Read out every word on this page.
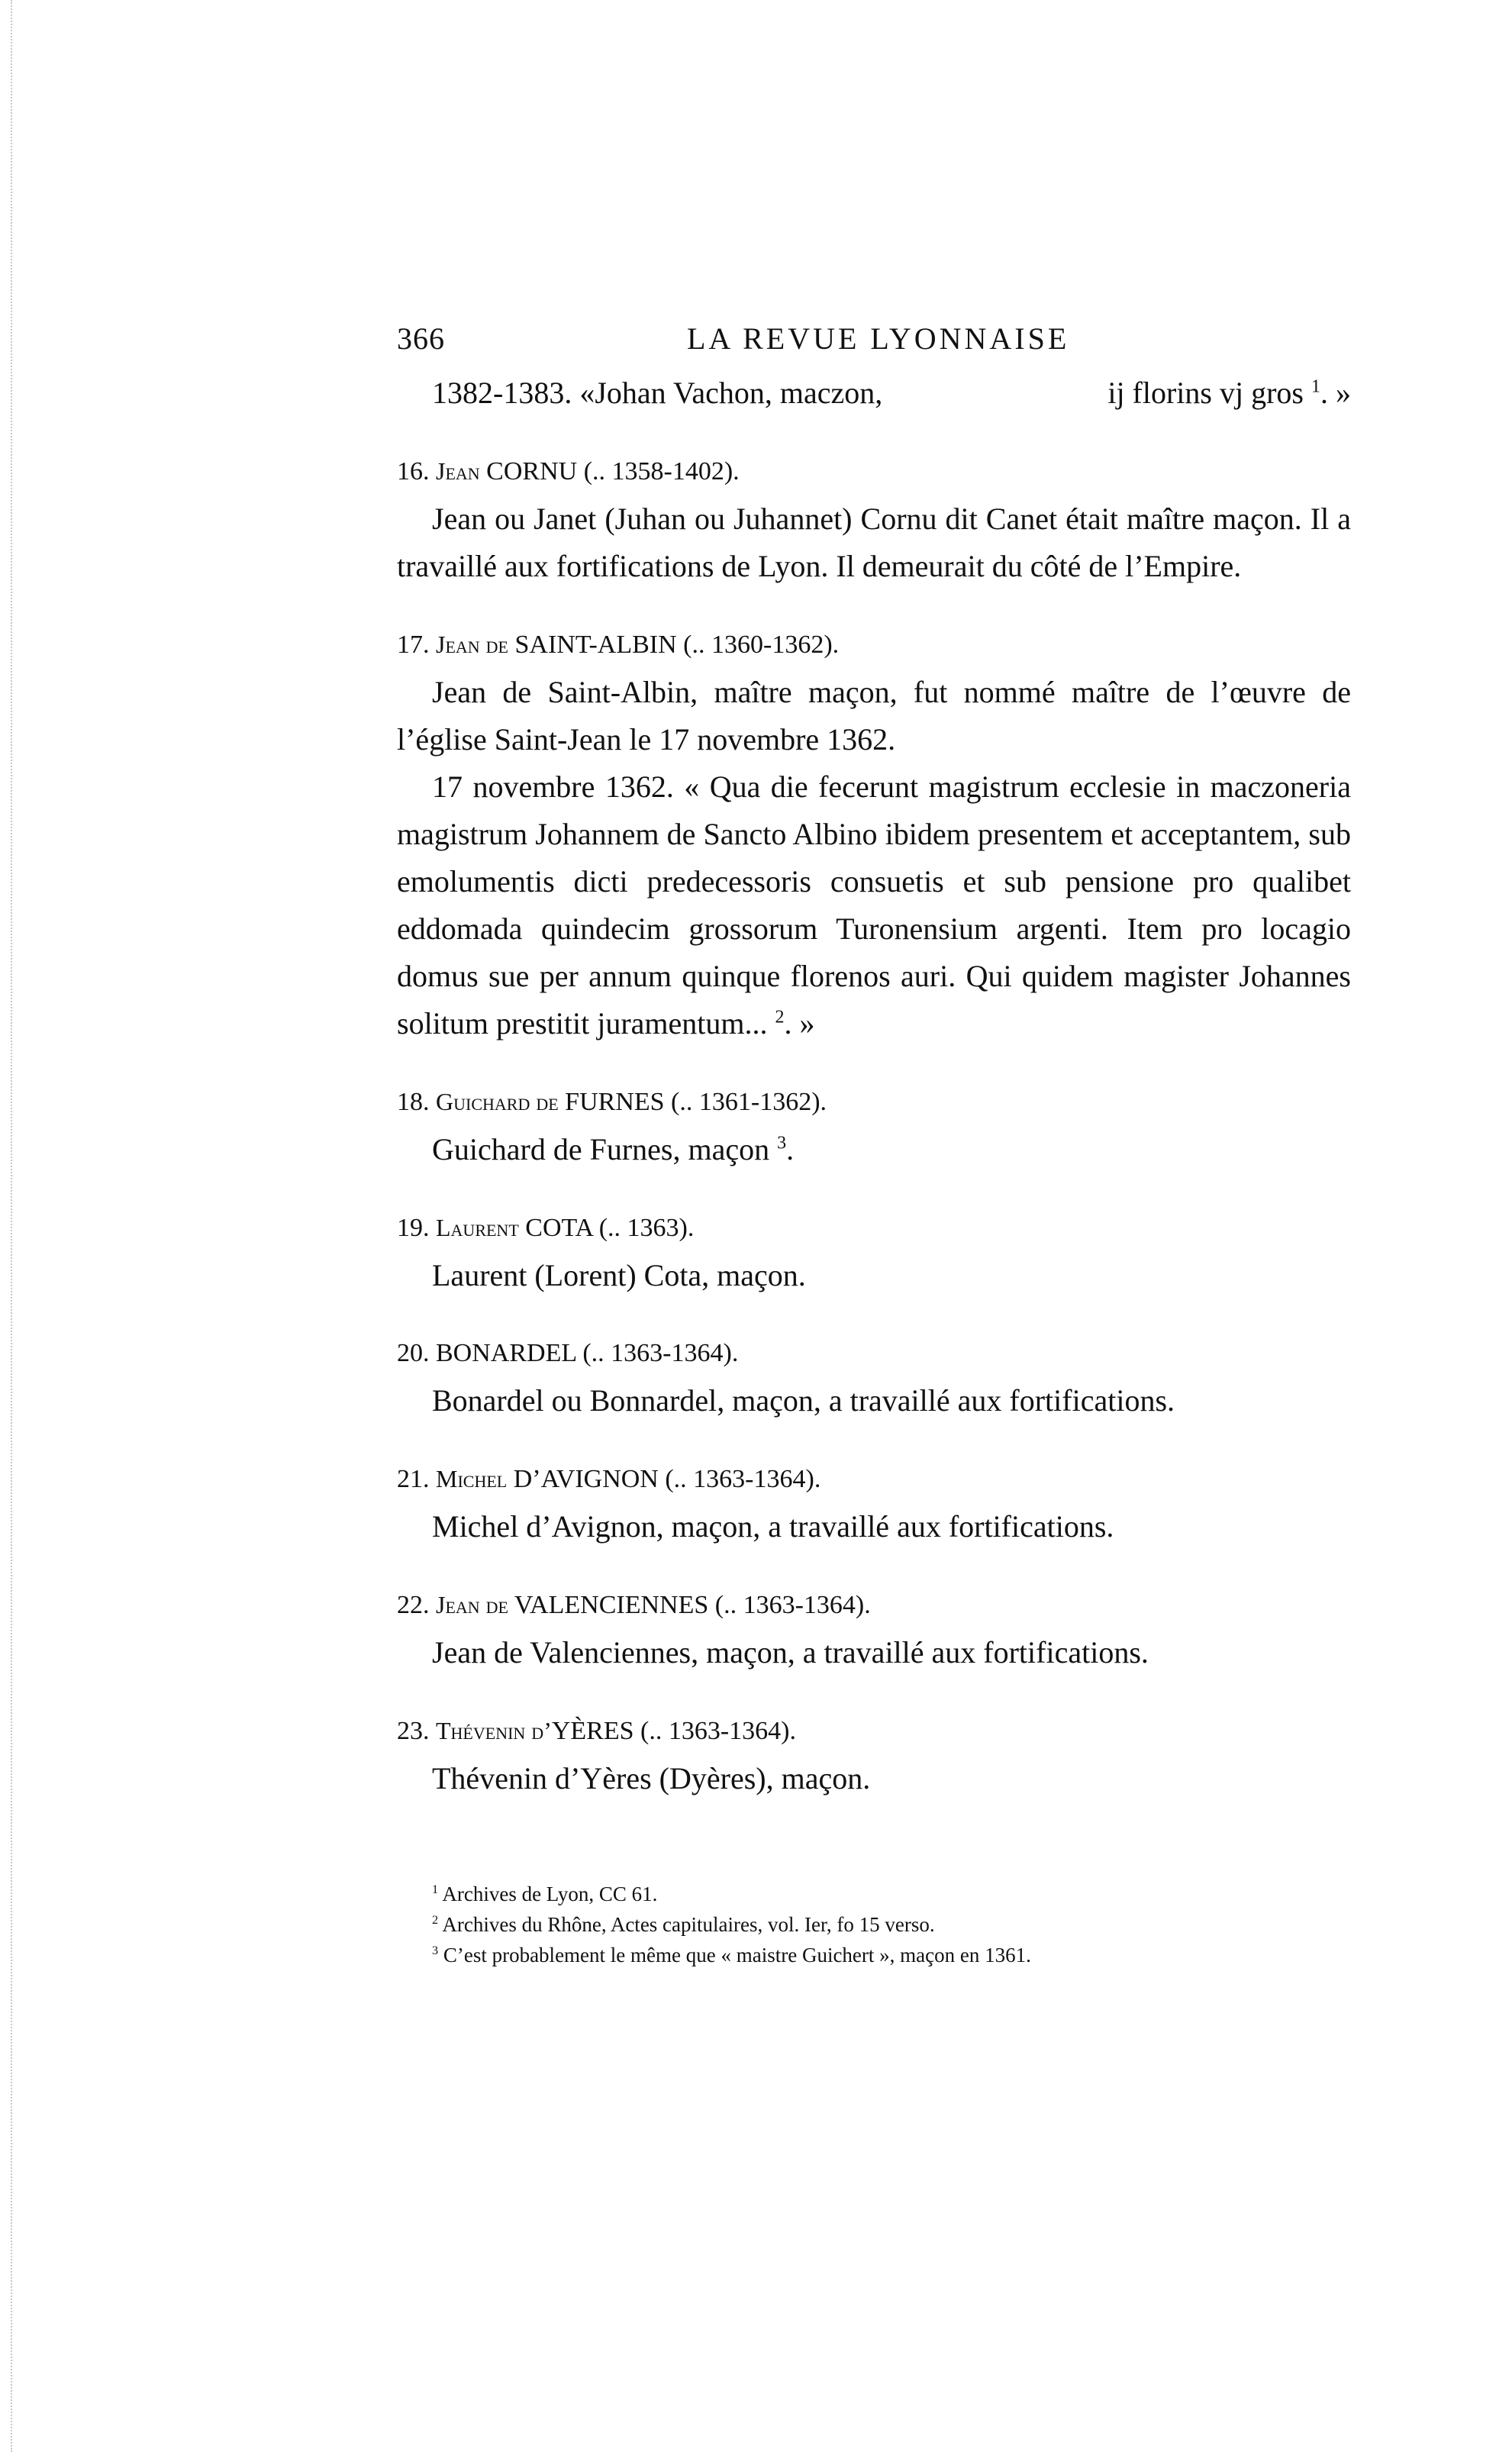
366	LA REVUE LYONNAISE
1382-1383. «Johan Vachon, maczon,	ij florins vj gros $^1$. »
16. Jean CORNU (.. 1358-1402).

Jean ou Janet (Juhan ou Juhannet) Cornu dit Canet était maître maçon. Il a travaillé aux fortifications de Lyon. Il demeurait du côté de l’Empire.

17. Jean de SAINT-ALBIN (.. 1360-1362).

Jean de Saint-Albin, maître maçon, fut nommé maître de l’œuvre de l’église Saint-Jean le 17 novembre 1362.

17 novembre 1362. « Qua die fecerunt magistrum ecclesie in maczoneria magistrum Johannem de Sancto Albino ibidem presentem et acceptantem, sub emolumentis dicti predecessoris consuetis et sub pensione pro qualibet eddomada quindecim grossorum Turonensium argenti. Item pro locagio domus sue per annum quinque florenos auri. Qui quidem magister Johannes solitum prestitit juramentum... $^2$. »

18. Guichard de FURNES (.. 1361-1362).

Guichard de Furnes, maçon $^3$.

19. Laurent COTA (.. 1363).

Laurent (Lorent) Cota, maçon.

20. BONARDEL (.. 1363-1364).

Bonardel ou Bonnardel, maçon, a travaillé aux fortifications.

21. Michel D’AVIGNON (.. 1363-1364).

Michel d’Avignon, maçon, a travaillé aux fortifications.

22. Jean de VALENCIENNES (.. 1363-1364).

Jean de Valenciennes, maçon, a travaillé aux fortifications.

23. Thévenin d’YÈRES (.. 1363-1364).

Thévenin d’Yères (Dyères), maçon.

$^1$ Archives de Lyon, CC 61.

$^2$ Archives du Rhône, Actes capitulaires, vol. Ier, fo 15 verso.

$^3$ C’est probablement le même que « maistre Guichert », maçon en 1361.
